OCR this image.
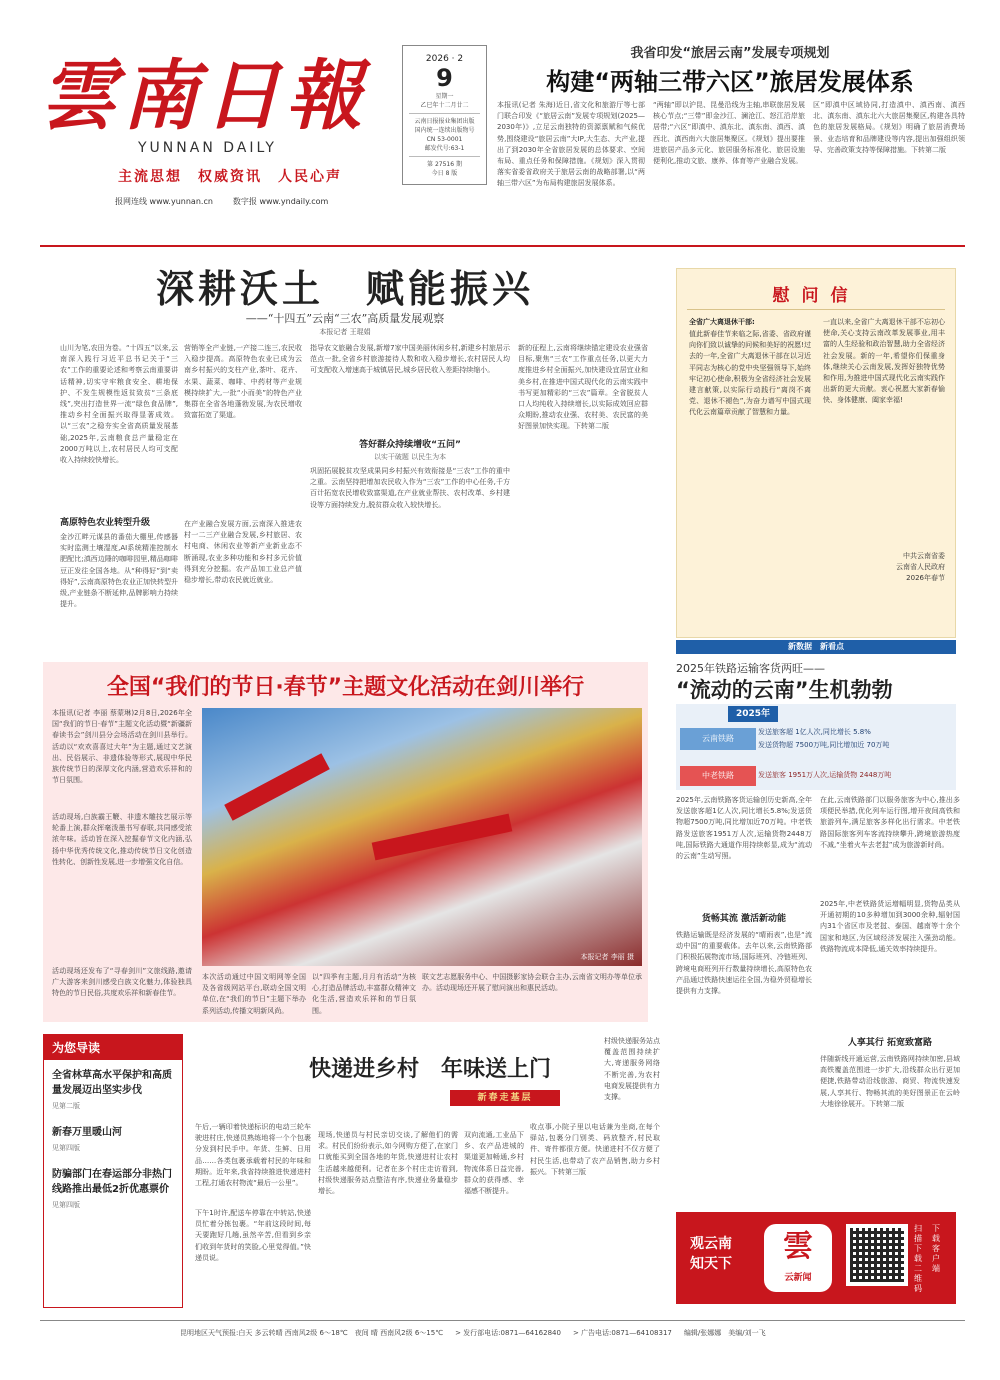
雲南日報
YUNNAN DAILY
主流思想　权威资讯　人民心声
报网连线 www.yunnan.cn	数字报 www.yndaily.com
2026 · 2
9
星期一
乙巳年十二月廿二
云南日报报业集团出版
国内统一连续出版物号
CN 53-0001
邮发代号:63-1
第 27516 期
今日 8 版
我省印发“旅居云南”发展专项规划
构建“两轴三带六区”旅居发展体系
本报讯(记者 朱海)近日,省文化和旅游厅等七部门联合印发《“旅居云南”发展专项规划(2025—2030年)》,立足云南独特的资源禀赋和气候优势,围绕建设“旅居云南”大IP,大生态、大产业,提出了到2030年全省旅居发展的总体要求、空间布局、重点任务和保障措施。《规划》深入贯彻落实省委省政府关于旅居云南的战略部署,以“两轴三带六区”为布局构建旅居发展体系。
“两轴”即以沪昆、昆曼沿线为主轴,串联旅居发展核心节点;“三带”即金沙江、澜沧江、怒江沿岸旅居带;“六区”即滇中、滇东北、滇东南、滇西、滇西北、滇西南六大旅居集聚区。《规划》提出要推进旅居产品多元化、旅居服务标准化、旅居设施便利化,推动文旅、康养、体育等产业融合发展。
区”即滇中区域协同,打造滇中、滇西南、滇西北、滇东南、滇东北六大旅居集聚区,构建各具特色的旅居发展格局。《规划》明确了旅居消费场景、业态培育和品牌建设等内容,提出加强组织领导、完善政策支持等保障措施。下转第二版
深耕沃土　赋能振兴
——“十四五”云南“三农”高质量发展观察
本报记者 王琨娟
山川为笔,农田为卷。“十四五”以来,云南深入践行习近平总书记关于“三农”工作的重要论述和考察云南重要讲话精神,切实守牢粮食安全、耕地保护、不发生规模性返贫致贫“三条底线”,突出打造世界一流“绿色食品牌”,推动乡村全面振兴取得显著成效。以“三农”之稳夯实全省高质量发展基础,2025年,云南粮食总产量稳定在2000万吨以上,农村居民人均可支配收入持续较快增长。
高原特色农业转型升级
金沙江畔元谋县的番茄大棚里,传感器实时监测土壤湿度,AI系统精准控制水肥配比;滇西边陲的咖啡园里,精品咖啡豆正发往全国各地。从“种得好”到“卖得好”,云南高原特色农业正加快转型升级,产业链条不断延伸,品牌影响力持续提升。
营销等全产业链,一产接二连三,农民收入稳步提高。高原特色农业已成为云南乡村振兴的支柱产业,茶叶、花卉、水果、蔬菜、咖啡、中药材等产业规模持续扩大,一批“小而美”的特色产业集群在全省各地蓬勃发展,为农民增收致富拓宽了渠道。
在产业融合发展方面,云南深入推进农村一二三产业融合发展,乡村旅居、农村电商、休闲农业等新产业新业态不断涌现,农业多种功能和乡村多元价值得到充分挖掘。农产品加工业总产值稳步增长,带动农民就近就业。
指导农文旅融合发展,新增7家中国美丽休闲乡村,新建乡村旅居示范点一批,全省乡村旅游接待人数和收入稳步增长,农村居民人均可支配收入增速高于城镇居民,城乡居民收入差距持续缩小。
答好群众持续增收“五问”
以实干破题 以民生为本
巩固拓展脱贫攻坚成果同乡村振兴有效衔接是“三农”工作的重中之重。云南坚持把增加农民收入作为“三农”工作的中心任务,千方百计拓宽农民增收致富渠道,在产业就业帮扶、农村改革、乡村建设等方面持续发力,脱贫群众收入较快增长。
新的征程上,云南将继续锚定建设农业强省目标,聚焦“三农”工作重点任务,以更大力度推进乡村全面振兴,加快建设宜居宜业和美乡村,在推进中国式现代化的云南实践中书写更加精彩的“三农”篇章。全省脱贫人口人均纯收入持续增长,以实际成效回应群众期盼,推动农业强、农村美、农民富的美好图景加快实现。下转第二版
慰问信
全省广大离退休干部:
值此新春佳节来临之际,省委、省政府谨向你们致以诚挚的问候和美好的祝愿!过去的一年,全省广大离退休干部在以习近平同志为核心的党中央坚强领导下,始终牢记初心使命,积极为全省经济社会发展建言献策,以实际行动践行“离岗不离党、退休不褪色”,为奋力谱写中国式现代化云南篇章贡献了智慧和力量。
一直以来,全省广大离退休干部不忘初心使命,关心支持云南改革发展事业,用丰富的人生经验和政治智慧,助力全省经济社会发展。新的一年,希望你们保重身体,继续关心云南发展,发挥好独特优势和作用,为推进中国式现代化云南实践作出新的更大贡献。衷心祝愿大家新春愉快、身体健康、阖家幸福!
中共云南省委
云南省人民政府
2026年春节
新数据　新看点
2025年铁路运输客货两旺——
“流动的云南”生机勃勃
2025年
云南铁路
发送旅客超 1亿人次,同比增长 5.8%
发送货物超 7500万吨,同比增加近 70万吨
中老铁路	发送旅客 1951万人次,运输货物 2448万吨
2025年,云南铁路客货运输创历史新高,全年发送旅客超1亿人次,同比增长5.8%;发送货物超7500万吨,同比增加近70万吨。中老铁路发送旅客1951万人次,运输货物2448万吨,国际铁路大通道作用持续彰显,成为“流动的云南”生动写照。
货畅其流 激活新动能
铁路运输既是经济发展的“晴雨表”,也是“流动中国”的重要载体。去年以来,云南铁路部门积极拓展物流市场,国际班列、冷链班列、跨境电商班列开行数量持续增长,高原特色农产品通过铁路快速运往全国,为稳外贸稳增长提供有力支撑。
在此,云南铁路部门以服务旅客为中心,推出多项便民举措,优化列车运行图,增开夜间高铁和旅游列车,满足旅客多样化出行需求。中老铁路国际旅客列车客流持续攀升,跨境旅游热度不减,“坐着火车去老挝”成为旅游新时尚。
2025年,中老铁路货运增幅明显,货物品类从开通初期的10多种增加到3000余种,辐射国内31个省区市及老挝、泰国、越南等十余个国家和地区,为区域经济发展注入强劲动能。铁路物流成本降低,通关效率持续提升。
人享其行 拓宽致富路
伴随新线开通运营,云南铁路网持续加密,县域高铁覆盖范围进一步扩大,沿线群众出行更加便捷,铁路带动沿线旅游、商贸、物流快速发展,人享其行、物畅其流的美好图景正在云岭大地徐徐展开。下转第二版
全国“我们的节日·春节”主题文化活动在剑川举行
本报讯(记者 李丽 蔡蒙琳)2月8日,2026年全国“我们的节日·春节”主题文化活动暨“新疆新春读书会”剑川县分会场活动在剑川县举行。活动以“欢欢喜喜过大年”为主题,通过文艺演出、民俗展示、非遗体验等形式,展现中华民族传统节日的深厚文化内涵,营造欢乐祥和的节日氛围。
活动现场,白族霸王鞭、非遗木雕技艺展示等轮番上演,群众挥毫泼墨书写春联,共同感受浓浓年味。活动旨在深入挖掘春节文化内涵,弘扬中华优秀传统文化,推动传统节日文化创造性转化、创新性发展,进一步增强文化自信。
活动现场还发布了“寻春剑川”文旅线路,邀请广大游客来剑川感受白族文化魅力,体验独具特色的节日民俗,共度欢乐祥和新春佳节。
本报记者 李丽 摄
本次活动通过中国文明网等全国及各省级网站平台,联动全国文明单位,在“我们的节日”主题下举办系列活动,传播文明新风尚。
以“四季有主题,月月有活动”为核心,打造品牌活动,丰富群众精神文化生活,营造欢乐祥和的节日氛围。
联文艺志愿服务中心、中国摄影家协会联合主办,云南省文明办等单位承办。活动现场还开展了慰问演出和惠民活动。
为您导读
全省林草高水平保护和高质量发展迈出坚实步伐
见第二版
新春万里暖山河
见第四版
防骗部门在春运部分非热门线路推出最低2折优惠票价
见第四版
快递进乡村　年味送上门
新春走基层
午后,一辆印着快递标识的电动三轮车驶进村庄,快递员熟练地将一个个包裹分发到村民手中。年货、生鲜、日用品……各类包裹承载着村民的年味和期盼。近年来,我省持续推进快递进村工程,打通农村物流“最后一公里”。
下午1时许,配送车停靠在中转站,快递员忙着分拣包裹。“年前这段时间,每天要跑好几趟,虽然辛苦,但看到乡亲们收到年货时的笑脸,心里觉得值。”快递员说。
现场,快递员与村民亲切交谈,了解他们的需求。村民们纷纷表示,如今网购方便了,在家门口就能买到全国各地的年货,快递进村让农村生活越来越便利。记者在多个村庄走访看到,村级快递服务站点整洁有序,快递业务量稳步增长。
双向流通,工业品下乡、农产品进城的渠道更加畅通,乡村物流体系日益完善,群众的获得感、幸福感不断提升。
收点事,小院子里以电话兼为坐商,在每个驿站,包裹分门别类、码放整齐,村民取件、寄件都很方便。快递进村不仅方便了村民生活,也带动了农产品销售,助力乡村振兴。下转第三版
村级快递服务站点覆盖范围持续扩大,寄递服务网络不断完善,为农村电商发展提供有力支撑。
观云南
知天下	雲
云新闻
扫描下载二维码
下载客户端
昆明地区天气预报:白天 多云转晴 西南风2级 6～18℃　夜间 晴 西南风2级 6～15℃ > 发行部电话:0871—64162840 > 广告电话:0871—64108317 编辑/张娜娜　美编/刘一飞
